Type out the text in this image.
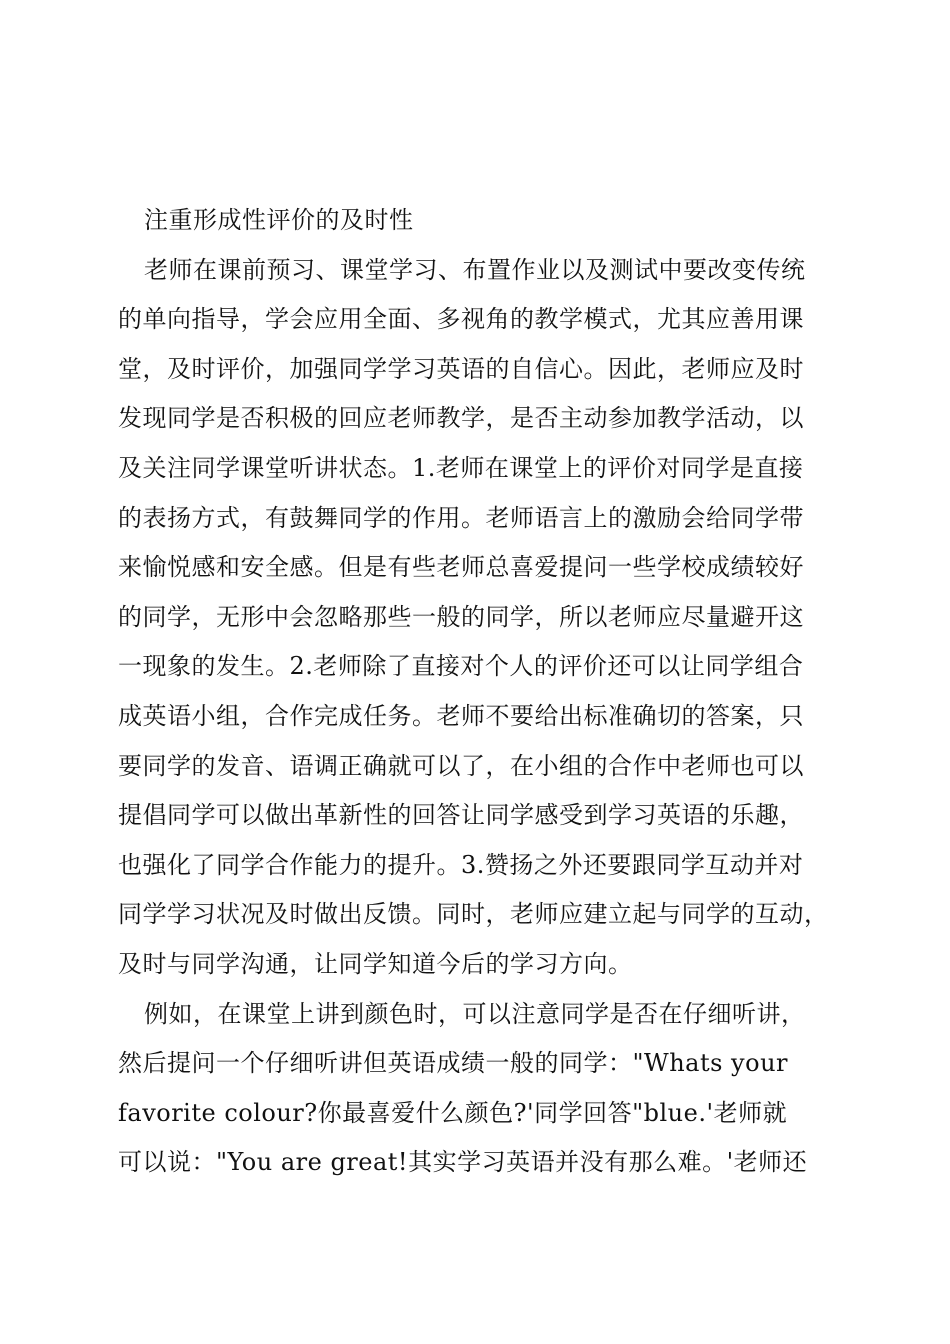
注重形成性评价的及时性
老师在课前预习、课堂学习、布置作业以及测试中要改变传统
的单向指导，学会应用全面、多视角的教学模式，尤其应善用课
堂，及时评价，加强同学学习英语的自信心。因此，老师应及时
发现同学是否积极的回应老师教学，是否主动参加教学活动，以
及关注同学课堂听讲状态。1.老师在课堂上的评价对同学是直接
的表扬方式，有鼓舞同学的作用。老师语言上的激励会给同学带
来愉悦感和安全感。但是有些老师总喜爱提问一些学校成绩较好
的同学，无形中会忽略那些一般的同学，所以老师应尽量避开这
一现象的发生。2.老师除了直接对个人的评价还可以让同学组合
成英语小组，合作完成任务。老师不要给出标准确切的答案，只
要同学的发音、语调正确就可以了，在小组的合作中老师也可以
提倡同学可以做出革新性的回答让同学感受到学习英语的乐趣，
也强化了同学合作能力的提升。3.赞扬之外还要跟同学互动并对
同学学习状况及时做出反馈。同时，老师应建立起与同学的互动，
及时与同学沟通，让同学知道今后的学习方向。
例如，在课堂上讲到颜色时，可以注意同学是否在仔细听讲，
然后提问一个仔细听讲但英语成绩一般的同学："Whats your
favorite colour?你最喜爱什么颜色?'同学回答"blue.'老师就
可以说："You are great!其实学习英语并没有那么难。'老师还
